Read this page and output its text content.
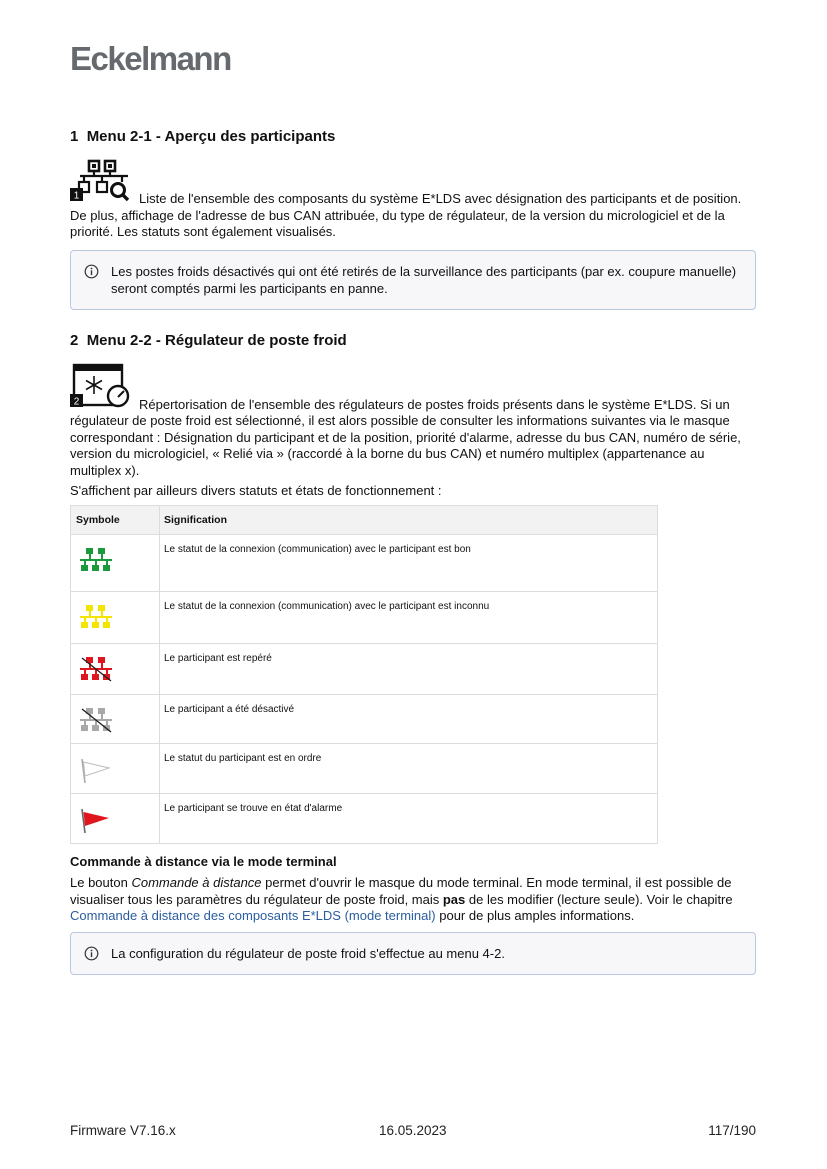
Eckelmann
1 Menu 2-1 - Aperçu des participants

1	Liste de l'ensemble des composants du système E*LDS avec désignation des participants et de position. De plus, affichage de l'adresse de bus CAN attribuée, du type de régulateur, de la version du micrologiciel et de la priorité. Les statuts sont également visualisés.

Les postes froids désactivés qui ont été retirés de la surveillance des participants (par ex. coupure manuelle) seront comptés parmi les participants en panne.

2 Menu 2-2 - Régulateur de poste froid

2	Répertorisation de l'ensemble des régulateurs de postes froids présents dans le système E*LDS. Si un régulateur de poste froid est sélectionné, il est alors possible de consulter les informations suivantes via le masque correspondant : Désignation du participant et de la position, priorité d'alarme, adresse du bus CAN, numéro de série, version du micrologiciel, « Relié via » (raccordé à la borne du bus CAN) et numéro multiplex (appartenance au multiplex x).

S'affichent par ailleurs divers statuts et états de fonctionnement :

Symbole	Signification
	Le statut de la connexion (communication) avec le participant est bon
	Le statut de la connexion (communication) avec le participant est inconnu
	Le participant est repéré
	Le participant a été désactivé
	Le statut du participant est en ordre
	Le participant se trouve en état d'alarme

Commande à distance via le mode terminal

Le bouton Commande à distance permet d'ouvrir le masque du mode terminal. En mode terminal, il est possible de visualiser tous les paramètres du régulateur de poste froid, mais pas de les modifier (lecture seule). Voir le chapitre Commande à distance des composants E*LDS (mode terminal) pour de plus amples informations.

La configuration du régulateur de poste froid s'effectue au menu 4-2.

Firmware V7.16.x	16.05.2023	117/190
